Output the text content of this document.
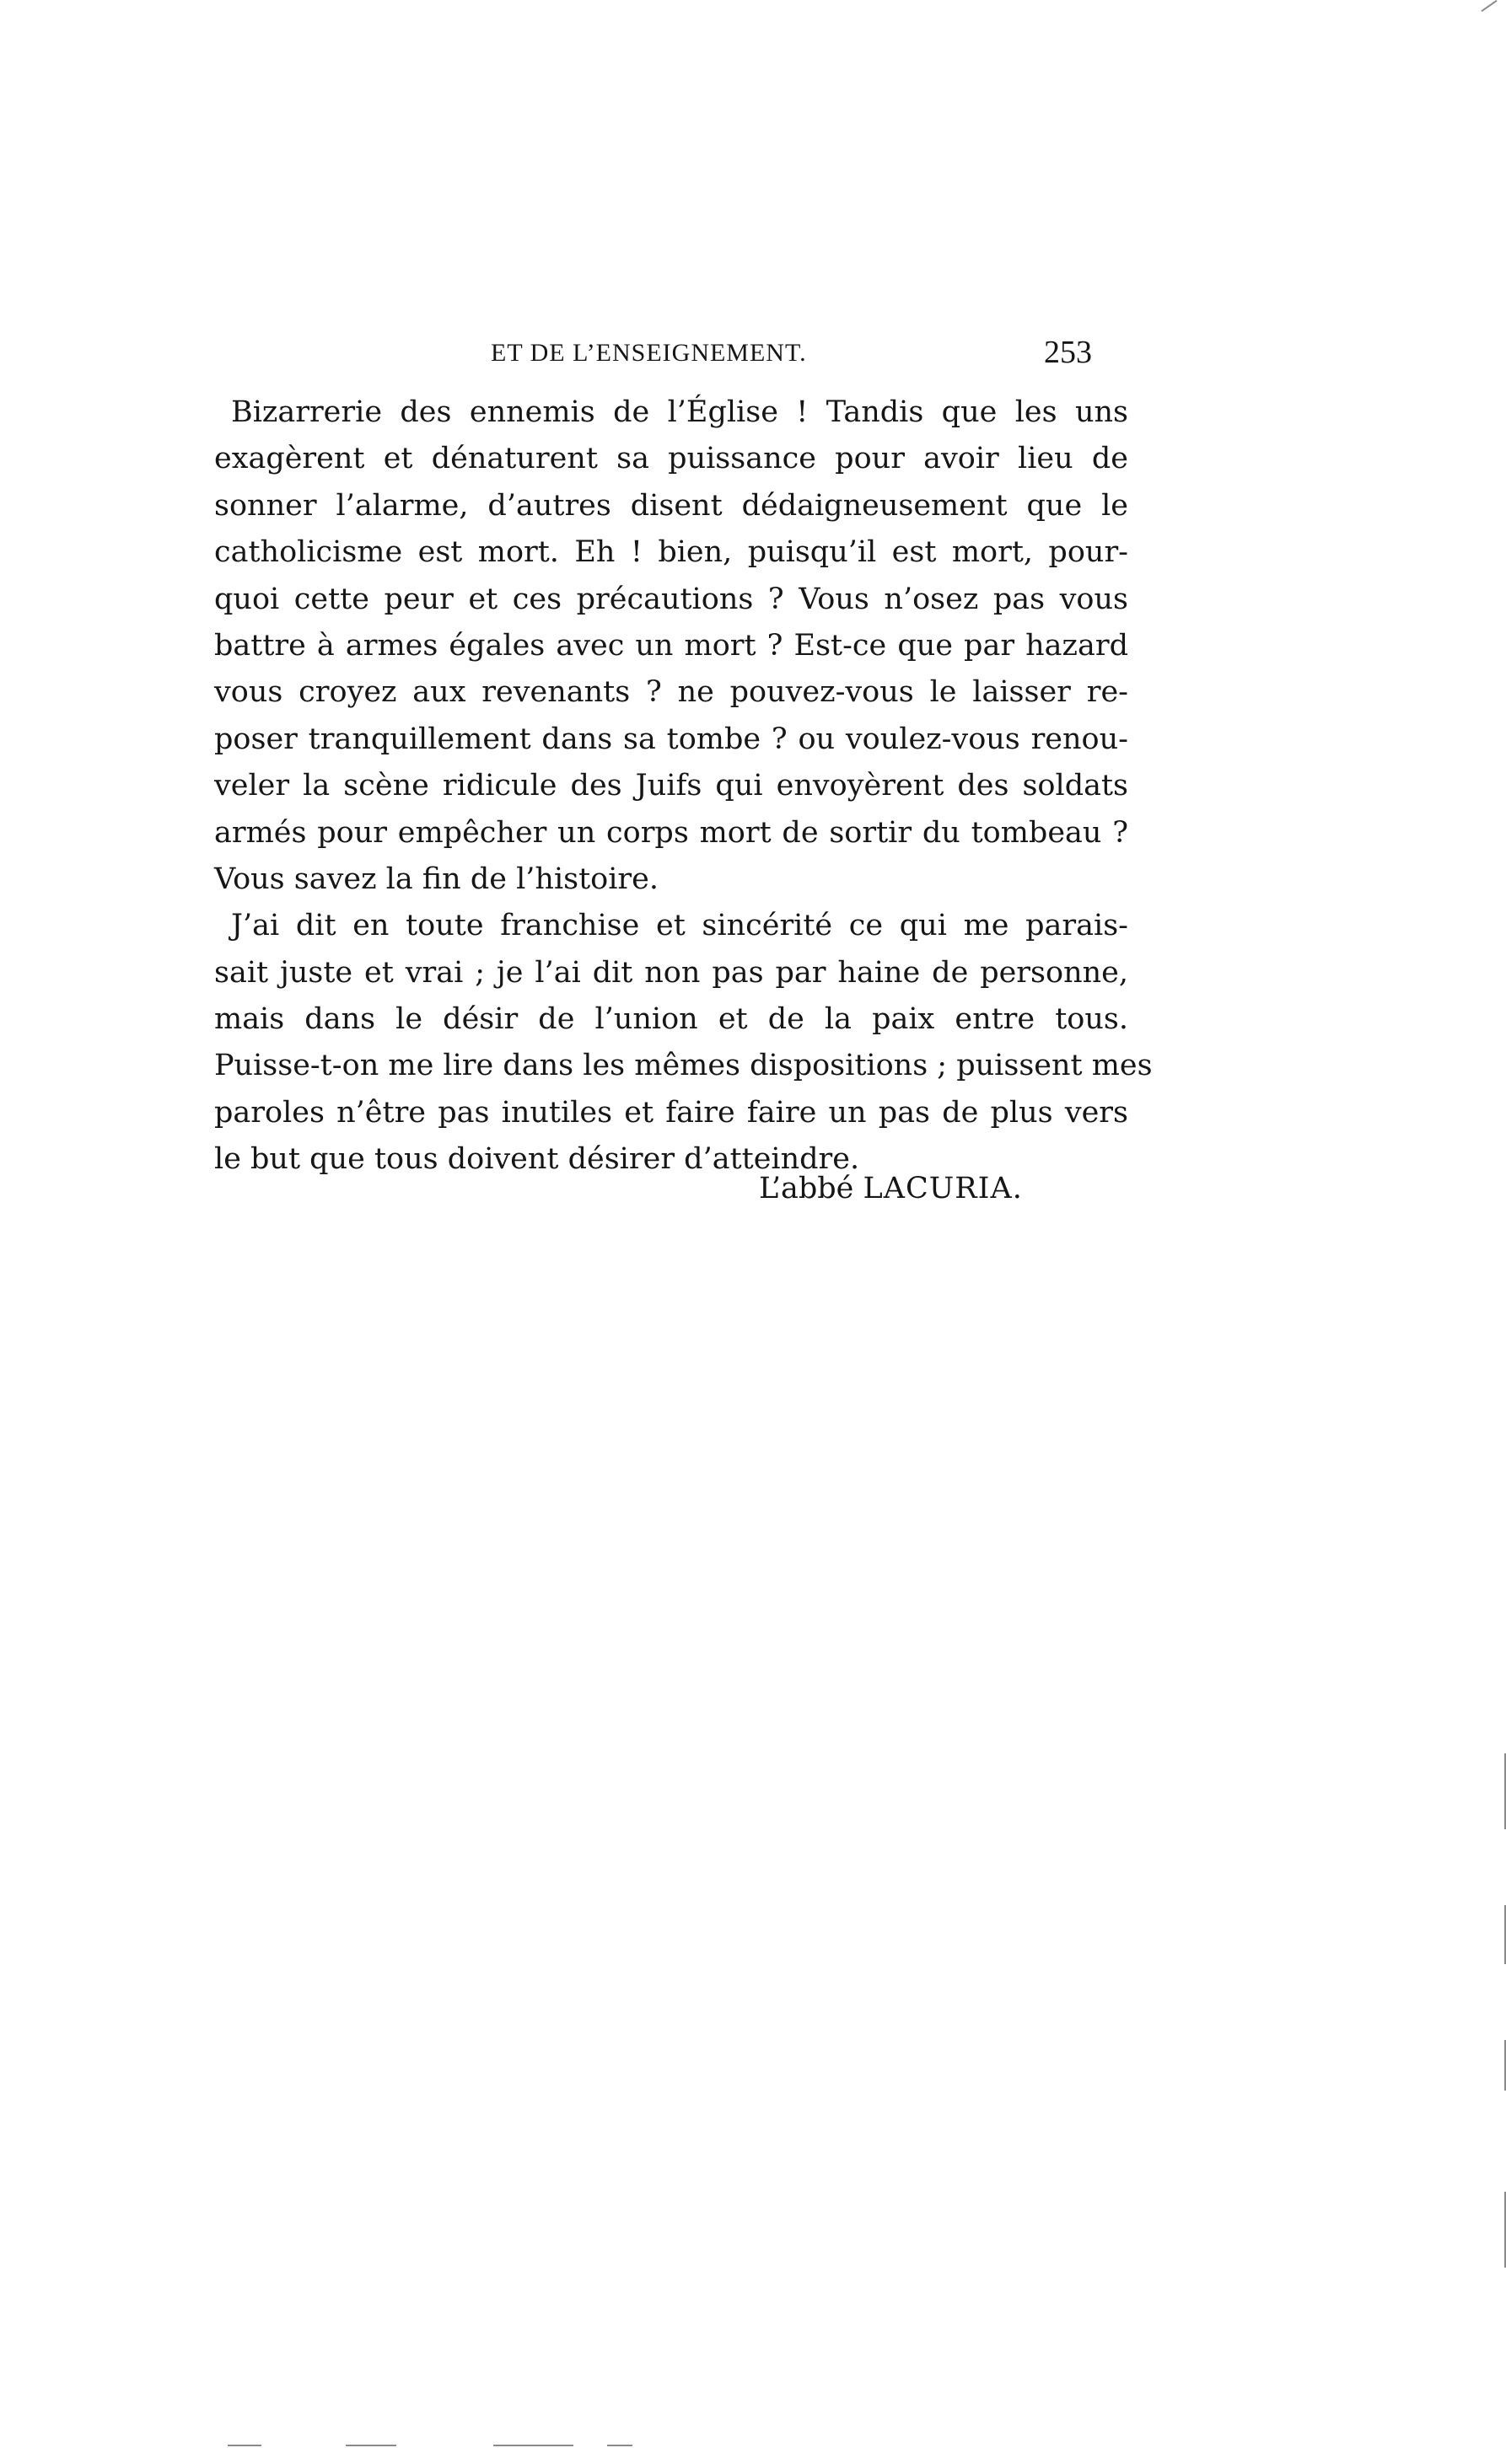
ET DE L’ENSEIGNEMENT.	253
Bizarrerie des ennemis de l’Église ! Tandis que les uns
exagèrent et dénaturent sa puissance pour avoir lieu de
sonner l’alarme, d’autres disent dédaigneusement que le
catholicisme est mort. Eh ! bien, puisqu’il est mort, pour-
quoi cette peur et ces précautions ? Vous n’osez pas vous
battre à armes égales avec un mort ? Est-ce que par hazard
vous croyez aux revenants ? ne pouvez-vous le laisser re-
poser tranquillement dans sa tombe ? ou voulez-vous renou-
veler la scène ridicule des Juifs qui envoyèrent des soldats
armés pour empêcher un corps mort de sortir du tombeau ?
Vous savez la fin de l’histoire.
J’ai dit en toute franchise et sincérité ce qui me parais-
sait juste et vrai ; je l’ai dit non pas par haine de personne,
mais dans le désir de l’union et de la paix entre tous.
Puisse-t-on me lire dans les mêmes dispositions ; puissent mes
paroles n’être pas inutiles et faire faire un pas de plus vers
le but que tous doivent désirer d’atteindre.
L’abbé LACURIA.
